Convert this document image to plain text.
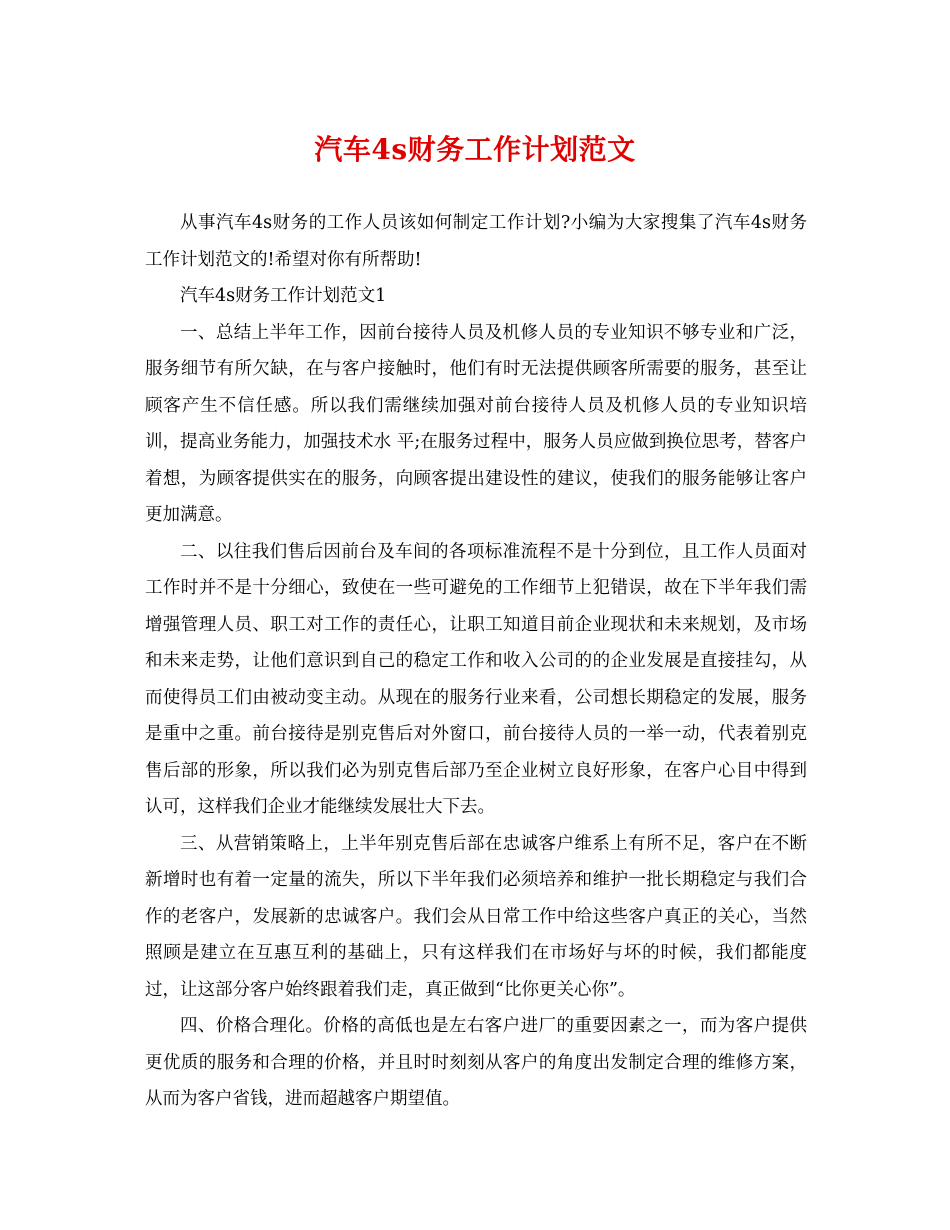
汽车4s财务工作计划范文

从事汽车4s财务的工作人员该如何制定工作计划?小编为大家搜集了汽车4s财务工作计划范文的!希望对你有所帮助!

汽车4s财务工作计划范文1

一、总结上半年工作，因前台接待人员及机修人员的专业知识不够专业和广泛，服务细节有所欠缺，在与客户接触时，他们有时无法提供顾客所需要的服务，甚至让顾客产生不信任感。所以我们需继续加强对前台接待人员及机修人员的专业知识培训，提高业务能力，加强技术水 平;在服务过程中，服务人员应做到换位思考，替客户着想，为顾客提供实在的服务，向顾客提出建设性的建议，使我们的服务能够让客户更加满意。

二、以往我们售后因前台及车间的各项标准流程不是十分到位，且工作人员面对工作时并不是十分细心，致使在一些可避免的工作细节上犯错误，故在下半年我们需增强管理人员、职工对工作的责任心，让职工知道目前企业现状和未来规划，及市场和未来走势，让他们意识到自己的稳定工作和收入公司的的企业发展是直接挂勾，从而使得员工们由被动变主动。从现在的服务行业来看，公司想长期稳定的发展，服务是重中之重。前台接待是别克售后对外窗口，前台接待人员的一举一动，代表着别克售后部的形象，所以我们必为别克售后部乃至企业树立良好形象，在客户心目中得到认可，这样我们企业才能继续发展壮大下去。

三、从营销策略上，上半年别克售后部在忠诚客户维系上有所不足，客户在不断新增时也有着一定量的流失，所以下半年我们必须培养和维护一批长期稳定与我们合作的老客户，发展新的忠诚客户。我们会从日常工作中给这些客户真正的关心，当然照顾是建立在互惠互利的基础上，只有这样我们在市场好与坏的时候，我们都能度过，让这部分客户始终跟着我们走，真正做到“比你更关心你”。

四、价格合理化。价格的高低也是左右客户进厂的重要因素之一，而为客户提供更优质的服务和合理的价格，并且时时刻刻从客户的角度出发制定合理的维修方案，从而为客户省钱，进而超越客户期望值。
